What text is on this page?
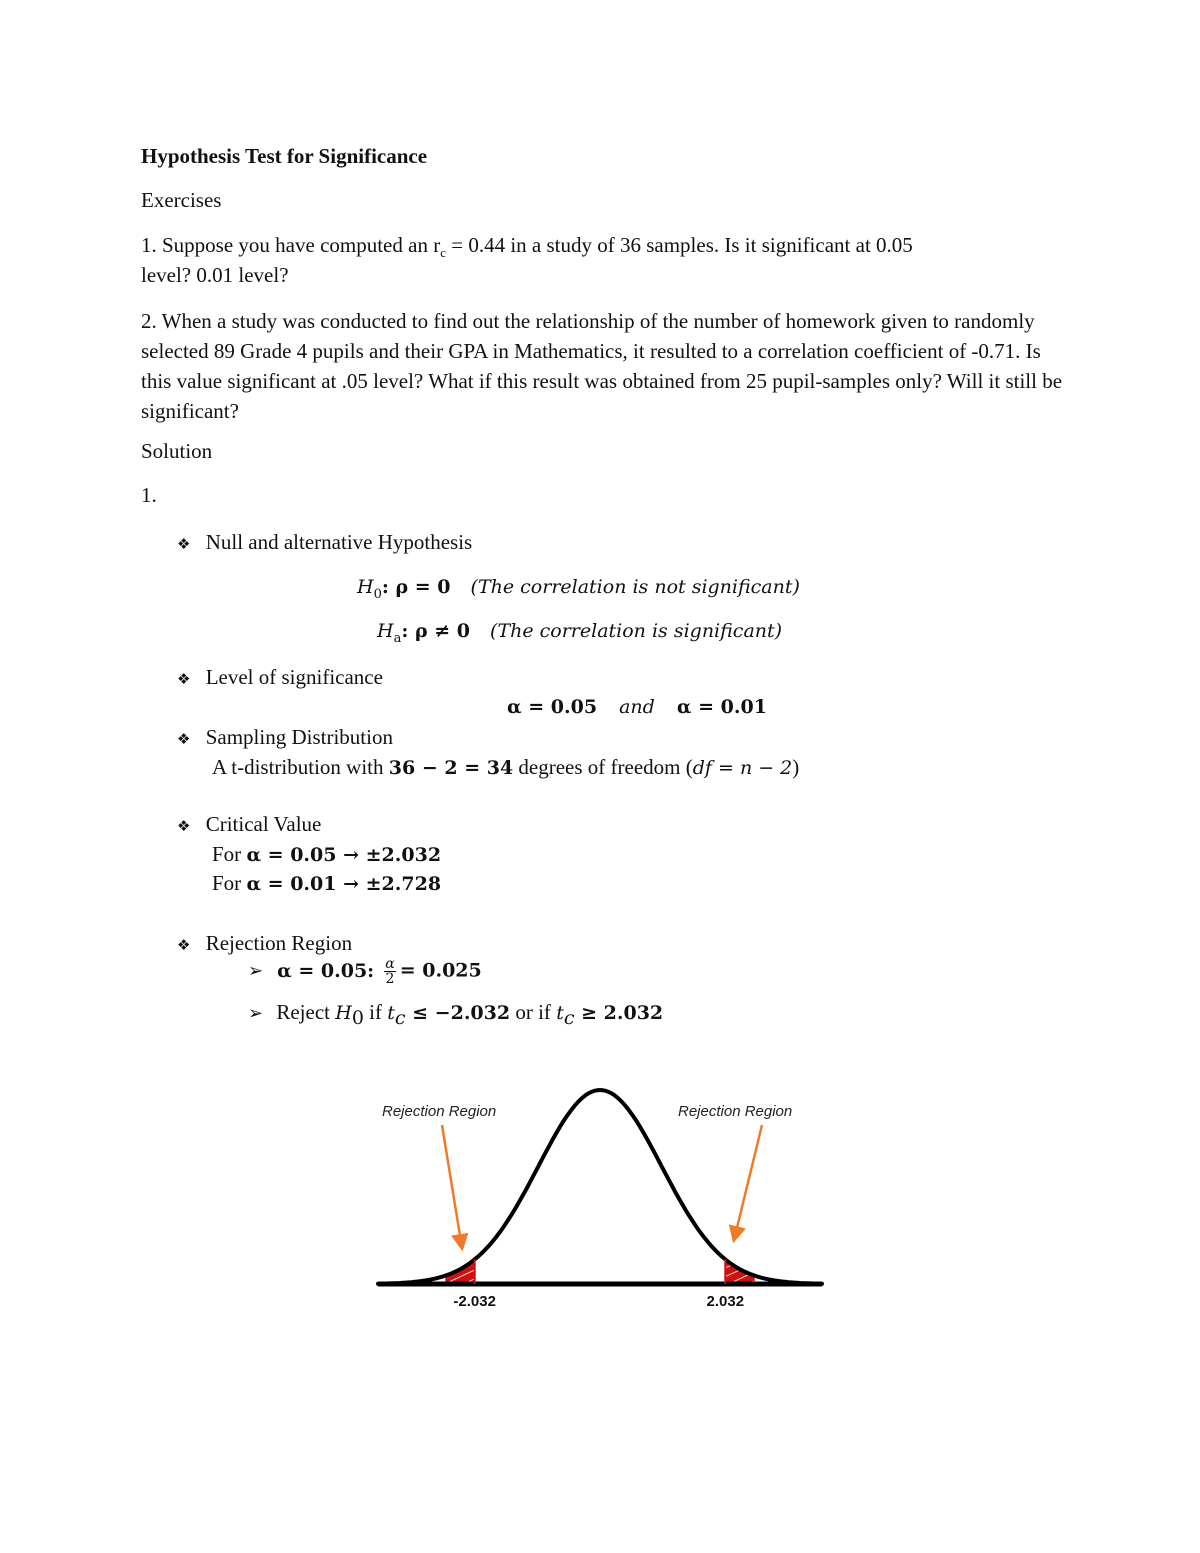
Hypothesis Test for Significance
Exercises
1. Suppose you have computed an $r_c = 0.44$ in a study of 36 samples. Is it significant at 0.05
level? 0.01 level?
2. When a study was conducted to find out the relationship of the number of homework given to randomly selected 89 Grade 4 pupils and their GPA in Mathematics, it resulted to a correlation coefficient of -0.71. Is this value significant at .05 level? What if this result was obtained from 25 pupil-samples only? Will it still be significant?
Solution
1.
❖ Null and alternative Hypothesis
$H_0$: ρ = 0 (The correlation is not significant)
$H_a$: ρ ≠ 0 (The correlation is significant)
❖ Level of significance
α = 0.05 and α = 0.01
❖ Sampling Distribution
A t-distribution with 36 − 2 = 34 degrees of freedom (df = n − 2)
❖ Critical Value
For α = 0.05 → ±2.032
For α = 0.01 → ±2.728
❖ Rejection Region
➢ α = 0.05: $\frac{\alpha}{2} = 0.025$
➢ Reject $H_0$ if $t_c \le -2.032$ or if $t_c \ge 2.032$
-2.032	2.032
Rejection Region	Rejection Region
